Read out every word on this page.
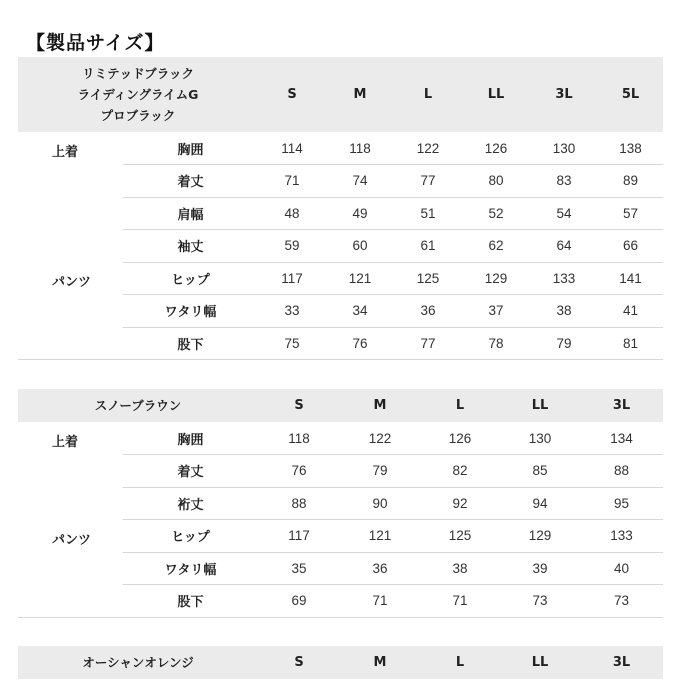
【製品サイズ】
リミテッドブラック
ライディングライムG
プロブラック		S	M	L	LL	3L	5L
上着	胸囲	114	118	122	126	130	138
	着丈	71	74	77	80	83	89
	肩幅	48	49	51	52	54	57
	袖丈	59	60	61	62	64	66
パンツ	ヒップ	117	121	125	129	133	141
	ワタリ幅	33	34	36	37	38	41
	股下	75	76	77	78	79	81
スノーブラウン		S	M	L	LL	3L
上着	胸囲	118	122	126	130	134
	着丈	76	79	82	85	88
	裄丈	88	90	92	94	95
パンツ	ヒップ	117	121	125	129	133
	ワタリ幅	35	36	38	39	40
	股下	69	71	71	73	73
オーシャンオレンジ	S	M	L	LL	3L
